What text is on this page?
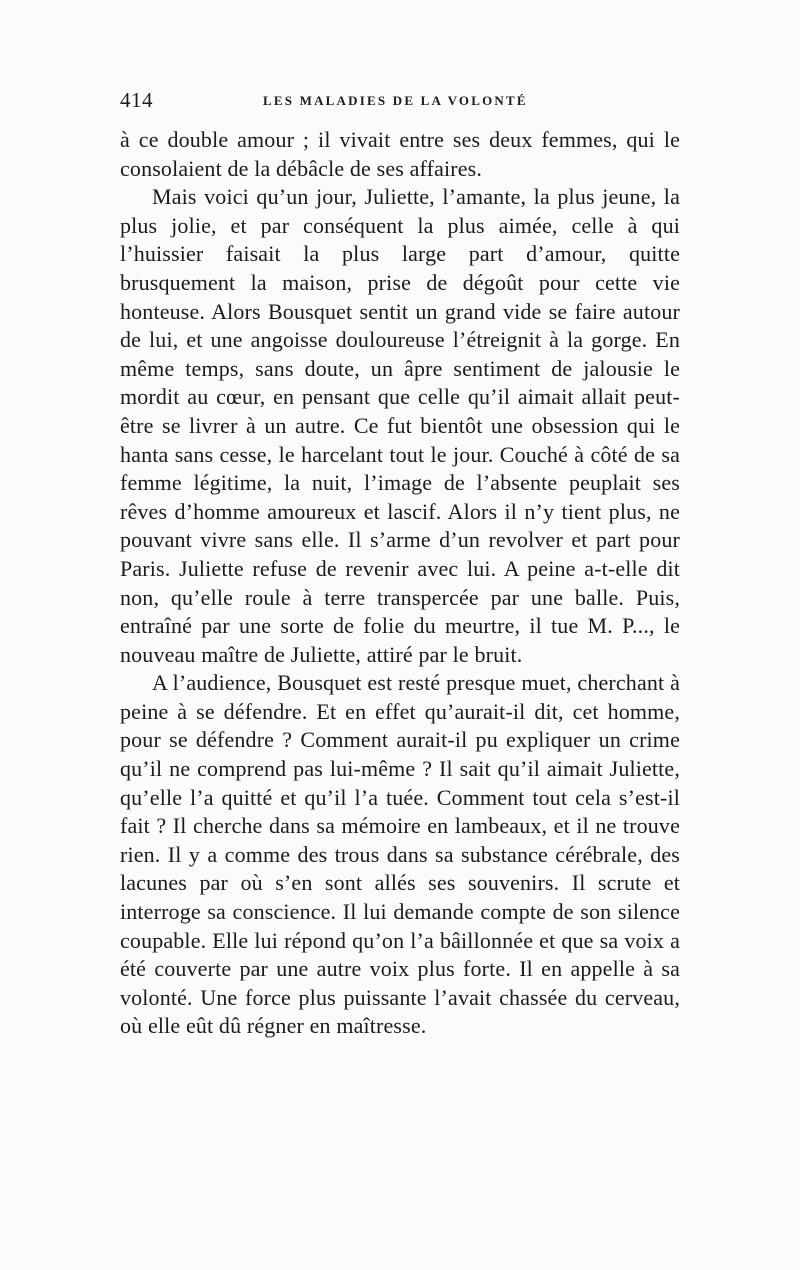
414	LES MALADIES DE LA VOLONTÉ

à ce double amour ; il vivait entre ses deux femmes, qui le consolaient de la débâcle de ses affaires.

Mais voici qu’un jour, Juliette, l’amante, la plus jeune, la plus jolie, et par conséquent la plus aimée, celle à qui l’huissier faisait la plus large part d’amour, quitte brusquement la maison, prise de dégoût pour cette vie honteuse. Alors Bousquet sentit un grand vide se faire autour de lui, et une angoisse douloureuse l’étreignit à la gorge. En même temps, sans doute, un âpre sentiment de jalousie le mordit au cœur, en pensant que celle qu’il aimait allait peut-être se livrer à un autre. Ce fut bientôt une obsession qui le hanta sans cesse, le harcelant tout le jour. Couché à côté de sa femme légitime, la nuit, l’image de l’absente peuplait ses rêves d’homme amoureux et lascif. Alors il n’y tient plus, ne pouvant vivre sans elle. Il s’arme d’un revolver et part pour Paris. Juliette refuse de revenir avec lui. A peine a-t-elle dit non, qu’elle roule à terre transpercée par une balle. Puis, entraîné par une sorte de folie du meurtre, il tue M. P..., le nouveau maître de Juliette, attiré par le bruit.

A l’audience, Bousquet est resté presque muet, cherchant à peine à se défendre. Et en effet qu’aurait-il dit, cet homme, pour se défendre ? Comment aurait-il pu expliquer un crime qu’il ne comprend pas lui-même ? Il sait qu’il aimait Juliette, qu’elle l’a quitté et qu’il l’a tuée. Comment tout cela s’est-il fait ? Il cherche dans sa mémoire en lambeaux, et il ne trouve rien. Il y a comme des trous dans sa substance cérébrale, des lacunes par où s’en sont allés ses souvenirs. Il scrute et interroge sa conscience. Il lui demande compte de son silence coupable. Elle lui répond qu’on l’a bâillonnée et que sa voix a été couverte par une autre voix plus forte. Il en appelle à sa volonté. Une force plus puissante l’avait chassée du cerveau, où elle eût dû régner en maîtresse.
